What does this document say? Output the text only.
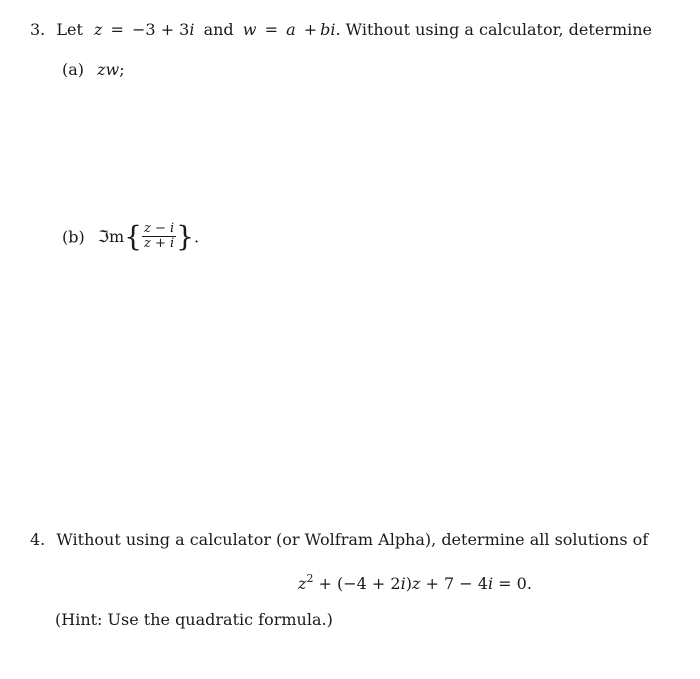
3. Let z = −3 + 3i and w = a + bi. Without using a calculator, determine
(a) zw;
(b) ℑm{ $\frac{z - i}{z + i}$ }.
4. Without using a calculator (or Wolfram Alpha), determine all solutions of
$z^2 + (-4 + 2i)z + 7 - 4i = 0$.
(Hint: Use the quadratic formula.)
